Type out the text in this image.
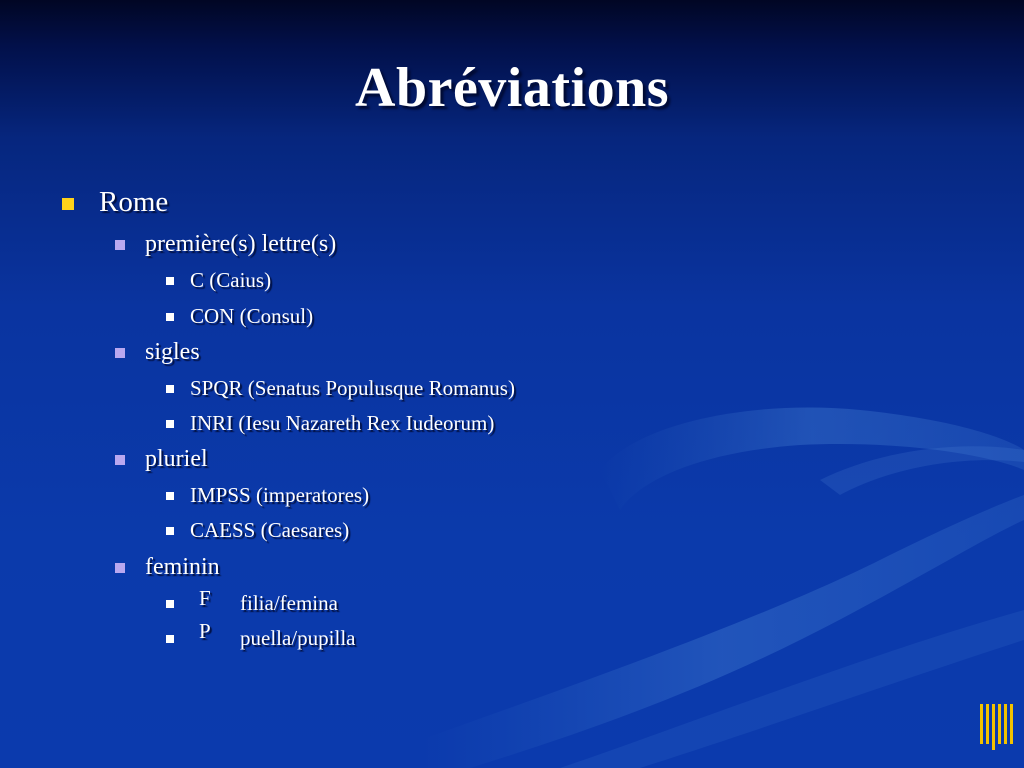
Abréviations
Rome
première(s) lettre(s)
C (Caius)
CON (Consul)
sigles
SPQR (Senatus Populusque Romanus)
INRI (Iesu Nazareth Rex Iudeorum)
pluriel
IMPSS (imperatores)
CAESS (Caesares)
feminin
filia/femina
puella/pupilla
F
P
